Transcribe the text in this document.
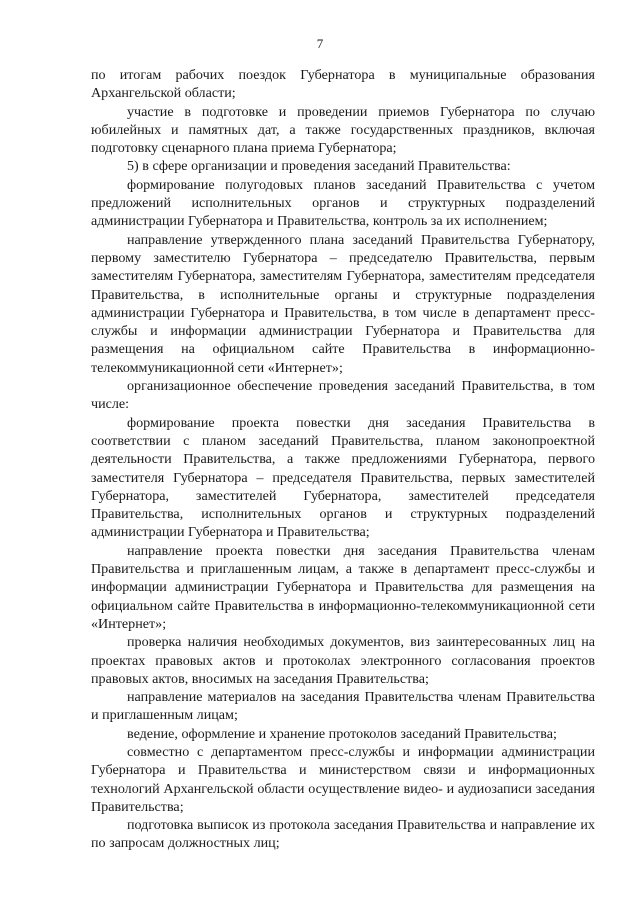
7

по итогам рабочих поездок Губернатора в муниципальные образования Архангельской области;

участие в подготовке и проведении приемов Губернатора по случаю юбилейных и памятных дат, а также государственных праздников, включая подготовку сценарного плана приема Губернатора;

5) в сфере организации и проведения заседаний Правительства:

формирование полугодовых планов заседаний Правительства с учетом предложений исполнительных органов и структурных подразделений администрации Губернатора и Правительства, контроль за их исполнением;

направление утвержденного плана заседаний Правительства Губернатору, первому заместителю Губернатора – председателю Правительства, первым заместителям Губернатора, заместителям Губернатора, заместителям председателя Правительства, в исполнительные органы и структурные подразделения администрации Губернатора и Правительства, в том числе в департамент пресс-службы и информации администрации Губернатора и Правительства для размещения на официальном сайте Правительства в информационно-телекоммуникационной сети «Интернет»;

организационное обеспечение проведения заседаний Правительства, в том числе:

формирование проекта повестки дня заседания Правительства в соответствии с планом заседаний Правительства, планом законопроектной деятельности Правительства, а также предложениями Губернатора, первого заместителя Губернатора – председателя Правительства, первых заместителей Губернатора, заместителей Губернатора, заместителей председателя Правительства, исполнительных органов и структурных подразделений администрации Губернатора и Правительства;

направление проекта повестки дня заседания Правительства членам Правительства и приглашенным лицам, а также в департамент пресс-службы и информации администрации Губернатора и Правительства для размещения на официальном сайте Правительства в информационно-телекоммуникационной сети «Интернет»;

проверка наличия необходимых документов, виз заинтересованных лиц на проектах правовых актов и протоколах электронного согласования проектов правовых актов, вносимых на заседания Правительства;

направление материалов на заседания Правительства членам Правительства и приглашенным лицам;

ведение, оформление и хранение протоколов заседаний Правительства;

совместно с департаментом пресс-службы и информации администрации Губернатора и Правительства и министерством связи и информационных технологий Архангельской области осуществление видео- и аудиозаписи заседания Правительства;

подготовка выписок из протокола заседания Правительства и направление их по запросам должностных лиц;
